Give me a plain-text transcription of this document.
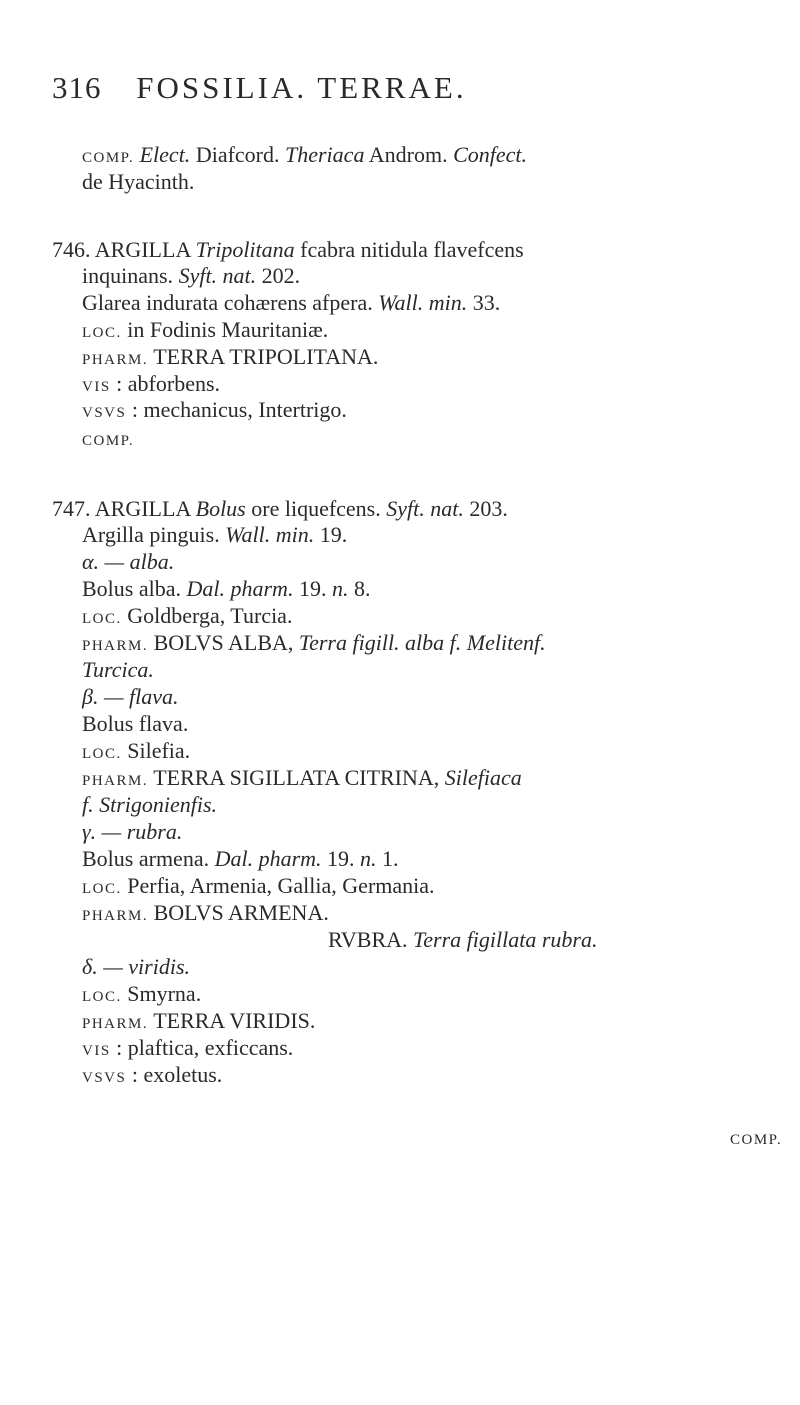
316 FOSSILIA. TERRAE.
COMP. Elect. Diafcord. Theriaca Androm. Confect.
de Hyacinth.
746. ARGILLA Tripolitana fcabra nitidula flavefcens
inquinans. Syft. nat. 202.
Glarea indurata cohærens afpera. Wall. min. 33.
LOC. in Fodinis Mauritaniæ.
PHARM. TERRA TRIPOLITANA.
VIS : abforbens.
VSVS : mechanicus, Intertrigo.
COMP.
747. ARGILLA Bolus ore liquefcens. Syft. nat. 203.
Argilla pinguis. Wall. min. 19.
α. — alba.
Bolus alba. Dal. pharm. 19. n. 8.
LOC. Goldberga, Turcia.
PHARM. BOLVS ALBA, Terra figill. alba f. Melitenf.
Turcica.
β. — flava.
Bolus flava.
LOC. Silefia.
PHARM. TERRA SIGILLATA CITRINA, Silefiaca
f. Strigonienfis.
γ. — rubra.
Bolus armena. Dal. pharm. 19. n. 1.
LOC. Perfia, Armenia, Gallia, Germania.
PHARM. BOLVS ARMENA.
RVBRA. Terra figillata rubra.
δ. — viridis.
LOC. Smyrna.
PHARM. TERRA VIRIDIS.
VIS : plaftica, exficcans.
VSVS : exoletus.
COMP.
